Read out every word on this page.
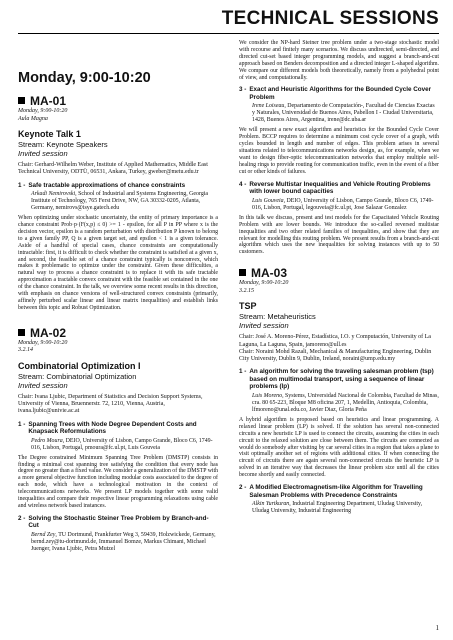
TECHNICAL SESSIONS
Monday, 9:00-10:20
MA-01
Monday, 9:00-10:20
Aula Magna
Keynote Talk 1
Stream: Keynote Speakers
Invited session
Chair: Gerhard-Wilhelm Weber, Institute of Applied Mathematics, Middle East Technical University, ODTÜ, 06531, Ankara, Turkey, gweber@metu.edu.tr
1 - Safe tractable approximations of chance constraints
Arkadi Nemirovski, School of Industrial and Systems Engineering, Georgia Institute of Technology, 765 Ferst Drive, NW, GA 30332-0205, Atlanta, Germany, nemirovs@isye.gatech.edu
When optimizing under stochastic uncertainty, the entity of primary importance is a chance constraint Prob·p·(F(x,p) ≤ 0) >= 1 - epsilon, for all P in PP where x is the decision vector, epsilon is a random perturbation with distribution P known to belong to a given family PP, Q is a given target set, and epsilon < 1 is a given tolerance. Aside of a handful of special cases, chance constraints are computationally intractable: first, it is difficult to check whether the constraint is satisfied at a given x, and second, the feasible set of a chance constraint typically is nonconvex, which makes it problematic to optimize under the constraint. Given these difficulties, a natural way to process a chance constraint is to replace it with its safe tractable approximation a tractable convex constraint with the feasible set contained in the one of the chance constraint. In the talk, we overview some recent results in this direction, with emphasis on chance versions of well-structured convex constraints (primarily, affinely perturbed scalar linear and linear matrix inequalities) and establish links between this topic and Robust Optimization.
MA-02
Monday, 9:00-10:20
3.2.14
Combinatorial Optimization I
Stream: Combinatorial Optimization
Invited session
Chair: Ivana Ljubic, Department of Statistics and Decision Support Systems, University of Vienna, Bruennerstr. 72, 1210, Vienna, Austria, ivana.ljubic@univie.ac.at
1 - Spanning Trees with Node Degree Dependent Costs and Knapsack Reformulations
Pedro Moura, DEIO, University of Lisbon, Campo Grande, Bloco C6, 1749-016, Lisbon, Portugal, pmoura@fc.ul.pt, Luis Gouveia
The Degree constrained Minimum Spanning Tree Problem (DMSTP) consists in finding a minimal cost spanning tree satisfying the condition that every node has degree no greater than a fixed value. We consider a generalization of the DMSTP with a more general objective function including modular costs associated to the degree of each node, which have a technological motivation in the context of telecommunications networks. We present LP models together with some valid inequalities and compare their respective linear programming relaxations using cable and wireless network based instances.
2 - Solving the Stochastic Steiner Tree Problem by Branch-and-Cut
Bernd Zey, TU Dortmund, Frankfurter Weg 3, 59439, Holzwickede, Germany, bernd.zey@tu-dortmund.de, Immanuel Bomze, Markus Chimani, Michael Juenger, Ivana Ljubic, Petra Mutzel
We consider the NP-hard Steiner tree problem under a two-stage stochastic model with recourse and finitely many scenarios. We discuss undirected, semi-directed, and directed cut-set based integer programming models, and suggest a branch-and-cut approach based on Benders decomposition and a directed integer L-shaped algorithm. We compare our different models both theoretically, namely from a polyhedral point of view, and computationally.
3 - Exact and Heuristic Algorithms for the Bounded Cycle Cover Problem
Irene Loiseau, Departamento de Computación-, Facultad de Ciencias Exactas y Naturales, Universidad de Buenos Aires, Pabellon I - Ciudad Universitaria, 1428, Buenos Aires, Argentina, irene@dc.uba.ar
We will present a new exact algorithm and heuristics for the Bounded Cycle Cover Problem. BCCP requires to determine a minimum cost cycle cover of a graph, with cycles bounded in length and number of edges. This problem arises in several situations related to telecommunications networks design, as, for example, when we want to design fiber-optic telecommunication networks that employ multiple self-healing rings to provide routing for communication traffic, even in the event of a fiber cut or other kinds of failures.
4 - Reverse Multistar Inequalities and Vehicle Routing Problems with lower bound capacities
Luis Gouveia, DEIO, University of Lisbon, Campo Grande, Bloco C6, 1749-016, Lisbon, Portugal, legouveia@fc.ul.pt, Jose Salazar Gonzalez
In this talk we discuss, present and test models for the Capacitated Vehicle Routing Problem with are lower bounds. We introduce the so-called reversed multistar inequalities and two other related families of inequalities, and show that they are relevant for modelling this routing problem. We present results from a branch-and-cut algorithm which uses the new inequalities for solving instances with up to 50 customers.
MA-03
Monday, 9:00-10:20
3.2.15
TSP
Stream: Metaheuristics
Invited session
Chair: José A. Moreno-Pérez, Estadística, I.O. y Computación, University of La Laguna, La Laguna, Spain, jamoreno@ull.es
Chair: Noraini Mohd Razali, Mechanical & Manufacturing Engineering, Dublin City University, Dublin 9, Dublin, Ireland, noraini@ump.edu.my
1 - An algorithm for solving the traveling salesman problem (tsp) based on multimodal transport, using a sequence of linear problems (lp)
Luis Moreno, Systems, Universidad Nacional de Colombia, Facultad de Minas, cra. 80 65-223, Bloque M8 oficina 207, 1, Medellin, Antioquia, Colombia, lfmoreno@unal.edu.co, Javier Diaz, Gloria Peña
A hybrid algorithm is proposed based on heuristics and linear programming. A relaxed linear problem (LP) is solved. If the solution has several non-connected circuits a new heuristic LP is used to connect the circuits, assuming the cities in each circuit to the relaxed solution are close between them. The circuits are connected as would do somebody after visiting by car several cities in a region that takes a plane to visit optimally another set of regions with additional cities. If when connecting the circuit of circuits there are again several non-connected circuits the heuristic LP is solved in an iterative way that decreases the linear problem size until all the cities become shortly and easily connected.
2 - A Modified Electromagnetism-like Algorithm for Travelling Salesman Problems with Precedence Constraints
Alkin Yurtkuran, Industrial Engineering Department, Uludag University, Uludag University, Industrial Engineering
1
